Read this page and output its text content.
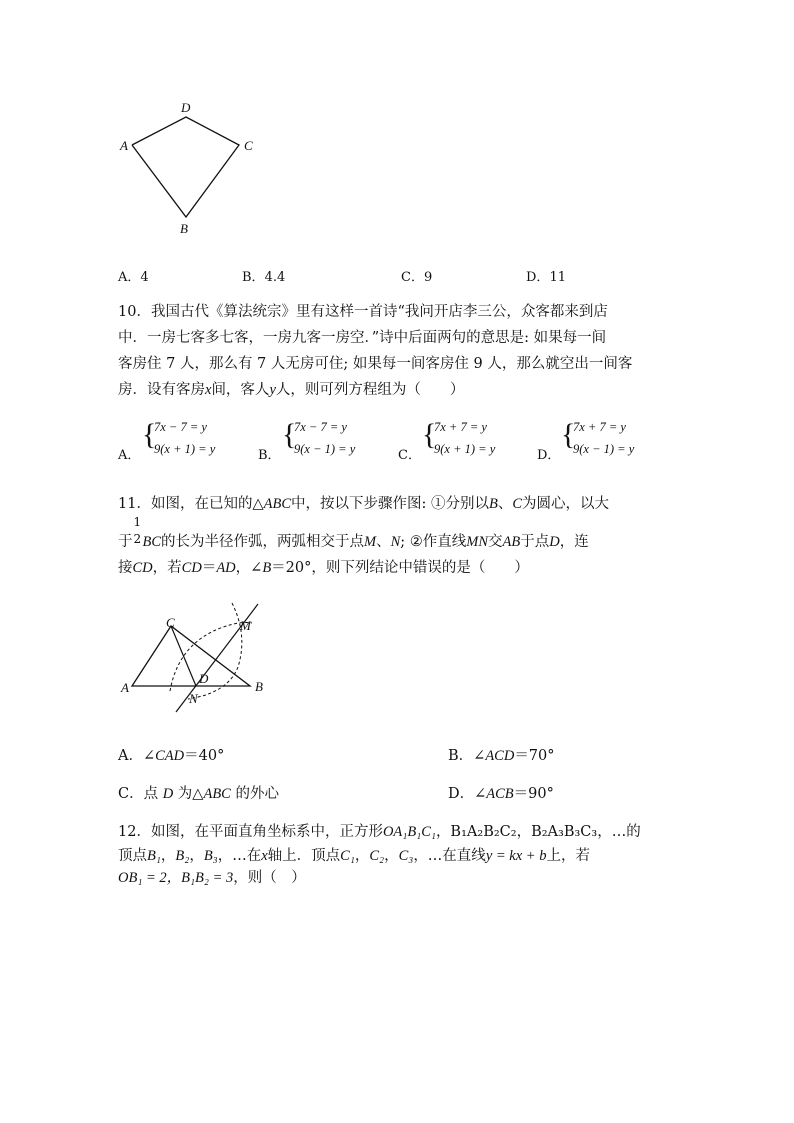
D
A	C
B
A．4	B．4.4	C．9	D．11
10．我国古代《算法统宗》里有这样一首诗“我问开店李三公，众客都来到店
中．一房七客多七客，一房九客一房空．”诗中后面两句的意思是: 如果每一间
客房住 7 人，那么有 7 人无房可住; 如果每一间客房住 9 人，那么就空出一间客
房．设有客房x间，客人y人，则可列方程组为（　　）
A．
{
7x − 7 = y
9(x + 1) = y	B．
{
7x − 7 = y
9(x − 1) = y	C．
{
7x + 7 = y
9(x + 1) = y	D．
{
7x + 7 = y
9(x − 1) = y
11．如图，在已知的△ABC中，按以下步骤作图: ①分别以B、C为圆心，以大
于
1
2 BC的长为半径作弧，两弧相交于点M、N; ②作直线MN交AB于点D，连
接CD，若CD＝AD，∠B＝20°，则下列结论中错误的是（　　）
C	M
A
D
B
N
A．∠CAD＝40°	B．∠ACD＝70°
C．点 D 为△ABC 的外心	D．∠ACB＝90°
12．如图，在平面直角坐标系中，正方形OA₁B₁C₁，B₁A₂B₂C₂，B₂A₃B₃C₃，…的
顶点B₁，B₂，B₃，…在x轴上．顶点C₁，C₂，C₃，…在直线y = kx + b上，若
OB₁ = 2，B₁B₂ = 3，则（　）
